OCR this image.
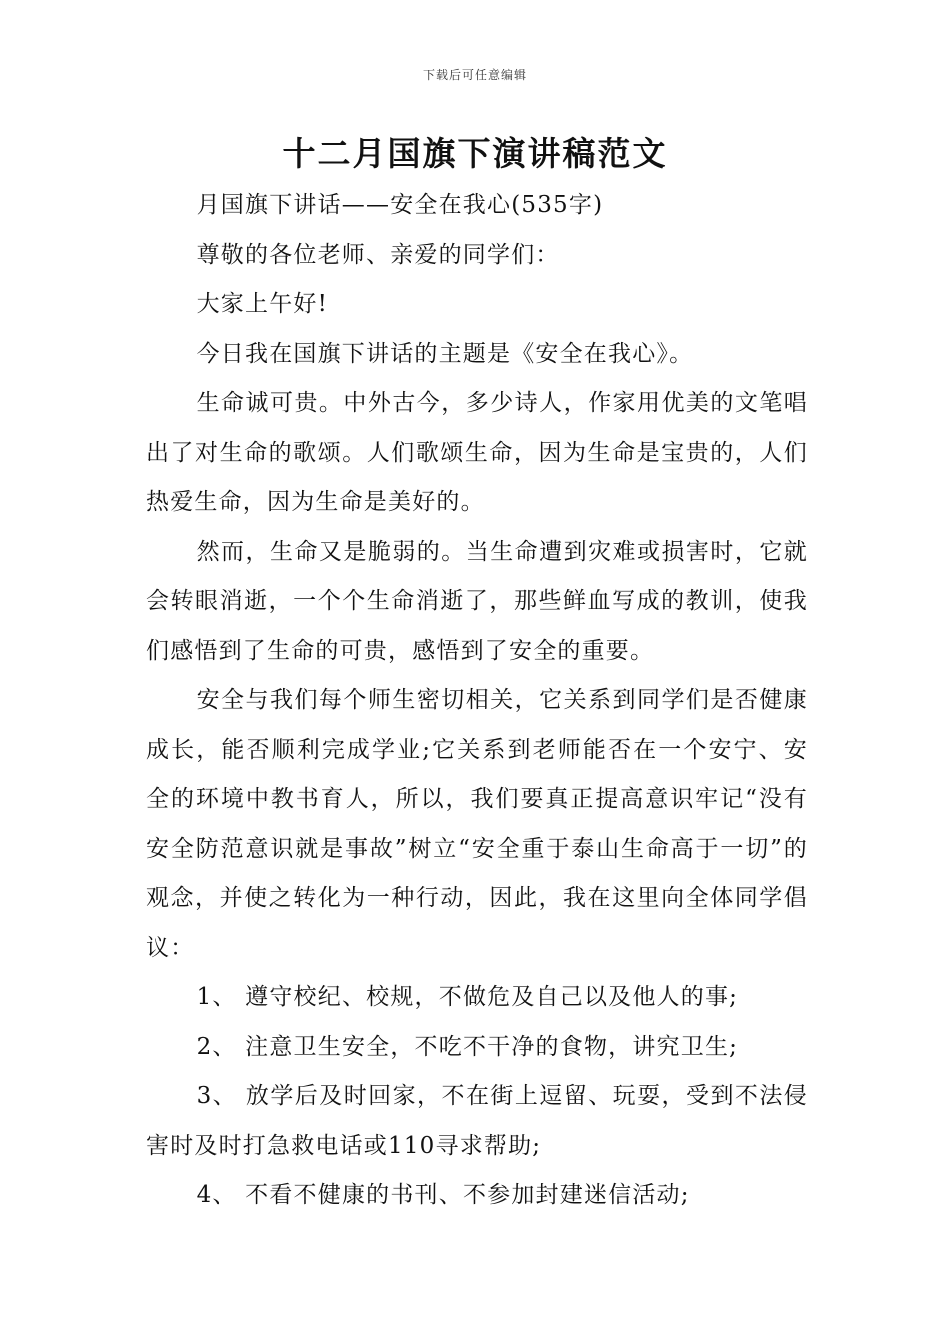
下载后可任意编辑
十二月国旗下演讲稿范文

月国旗下讲话——安全在我心(535字)

尊敬的各位老师、亲爱的同学们：

大家上午好!

今日我在国旗下讲话的主题是《安全在我心》。

生命诚可贵。中外古今，多少诗人，作家用优美的文笔唱出了对生命的歌颂。人们歌颂生命，因为生命是宝贵的，人们热爱生命，因为生命是美好的。

然而，生命又是脆弱的。当生命遭到灾难或损害时，它就会转眼消逝，一个个生命消逝了，那些鲜血写成的教训，使我们感悟到了生命的可贵，感悟到了安全的重要。

安全与我们每个师生密切相关，它关系到同学们是否健康成长，能否顺利完成学业;它关系到老师能否在一个安宁、安全的环境中教书育人，所以，我们要真正提高意识牢记“没有安全防范意识就是事故”树立“安全重于泰山生命高于一切”的观念，并使之转化为一种行动，因此，我在这里向全体同学倡议：

1、 遵守校纪、校规，不做危及自己以及他人的事;

2、 注意卫生安全，不吃不干净的食物，讲究卫生;

3、 放学后及时回家，不在街上逗留、玩耍，受到不法侵害时及时打急救电话或110寻求帮助;

4、 不看不健康的书刊、不参加封建迷信活动;
